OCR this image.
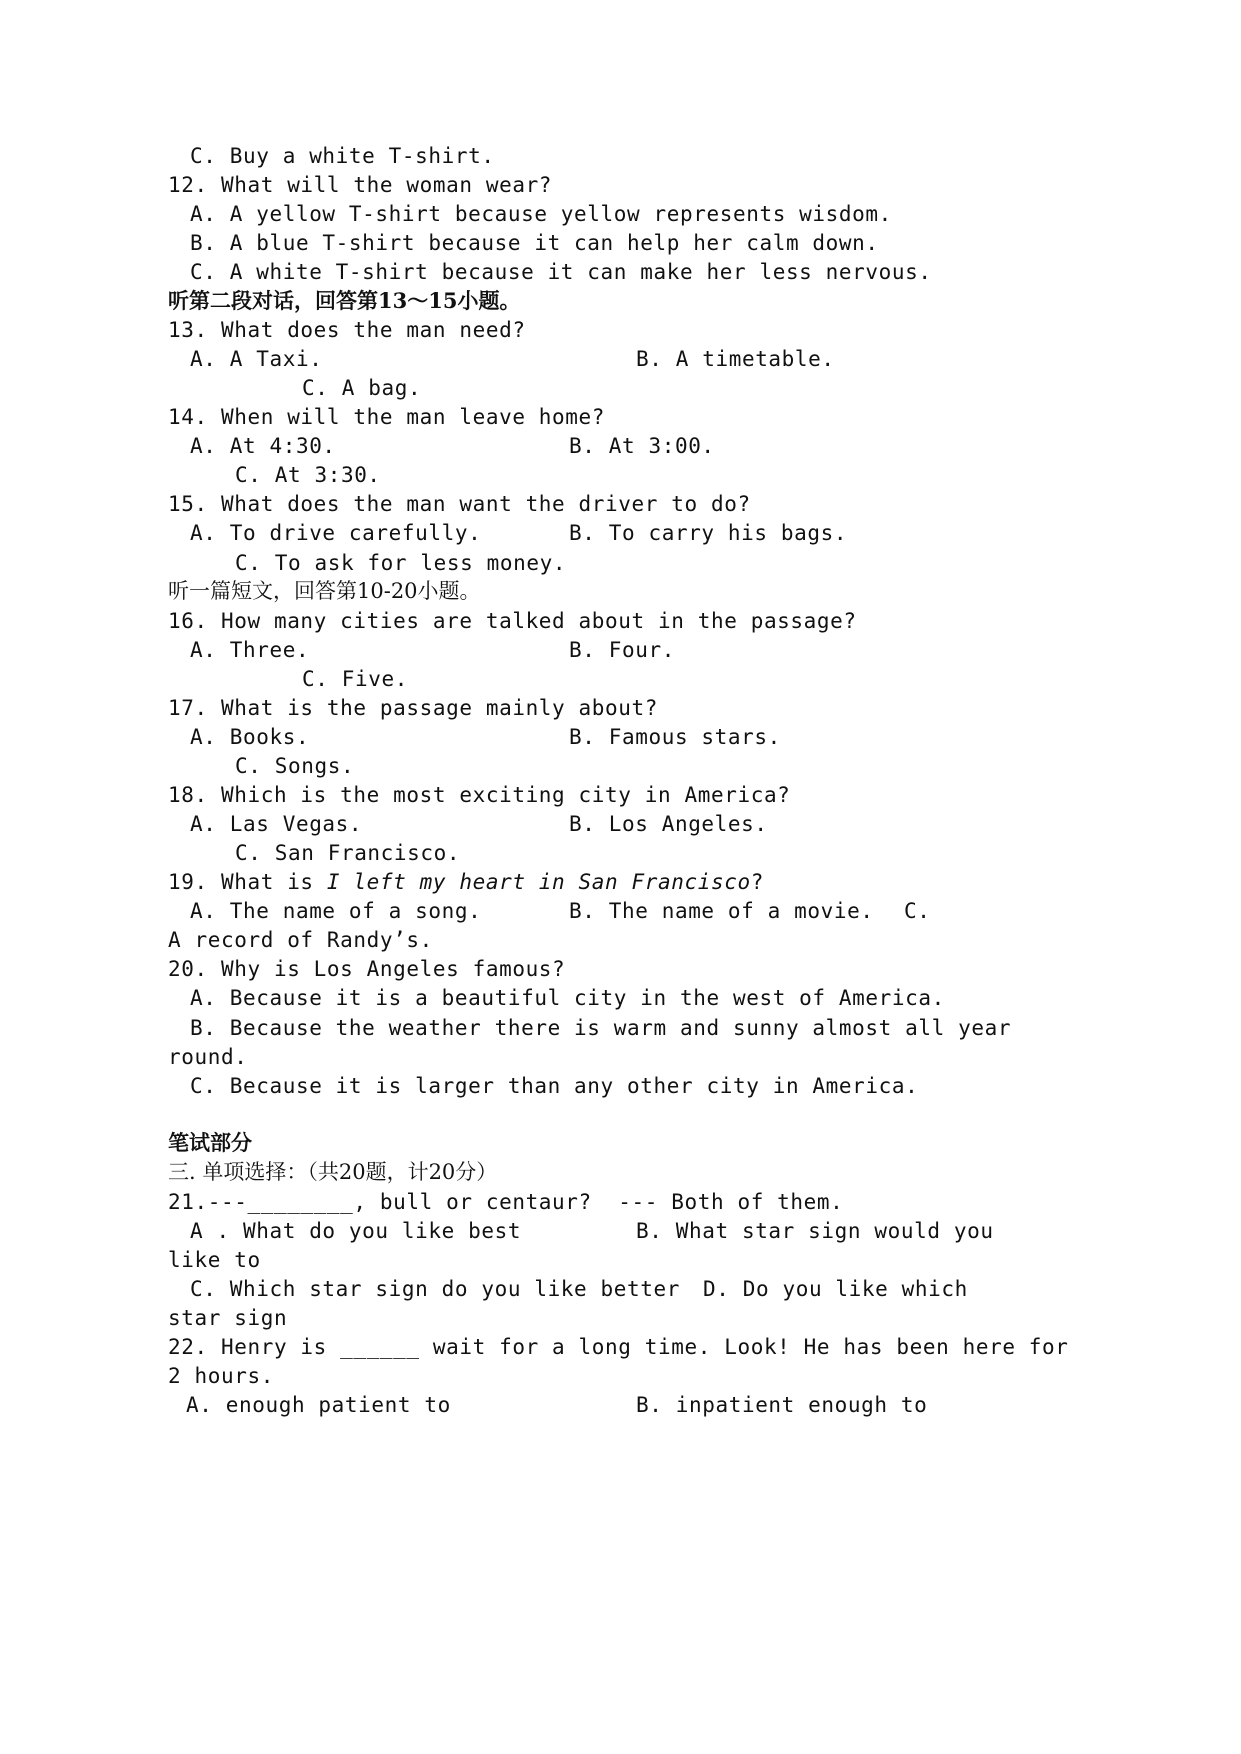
C. Buy a white T-shirt.
12. What will the woman wear?
A. A yellow T-shirt because yellow represents wisdom.
B. A blue T-shirt because it can help her calm down.
C. A white T-shirt because it can make her less nervous.
听第二段对话，回答第13～15小题。
13. What does the man need?
A. A Taxi.	B. A timetable.
C. A bag.
14. When will the man leave home?
A. At 4:30.	B. At 3:00.
C. At 3:30.
15. What does the man want the driver to do?
A. To drive carefully.	B. To carry his bags.
C. To ask for less money.
听一篇短文，回答第10-20小题。
16. How many cities are talked about in the passage?
A. Three.	B. Four.
C. Five.
17. What is the passage mainly about?
A. Books.	B. Famous stars.
C. Songs.
18. Which is the most exciting city in America?
A. Las Vegas.	B. Los Angeles.
C. San Francisco.
19. What is I left my heart in San Francisco?
A. The name of a song.	B. The name of a movie. C.
A record of Randy’s.
20. Why is Los Angeles famous?
A. Because it is a beautiful city in the west of America.
B. Because the weather there is warm and sunny almost all year
round.
C. Because it is larger than any other city in America.
笔试部分
三. 单项选择：（共20题，计20分）
21.---________, bull or centaur?  --- Both of them.
A . What do you like best	B. What star sign would you
like to
C. Which star sign do you like better D. Do you like which
star sign
22. Henry is ______ wait for a long time. Look! He has been here for
2 hours.
A. enough patient to	B. inpatient enough to
